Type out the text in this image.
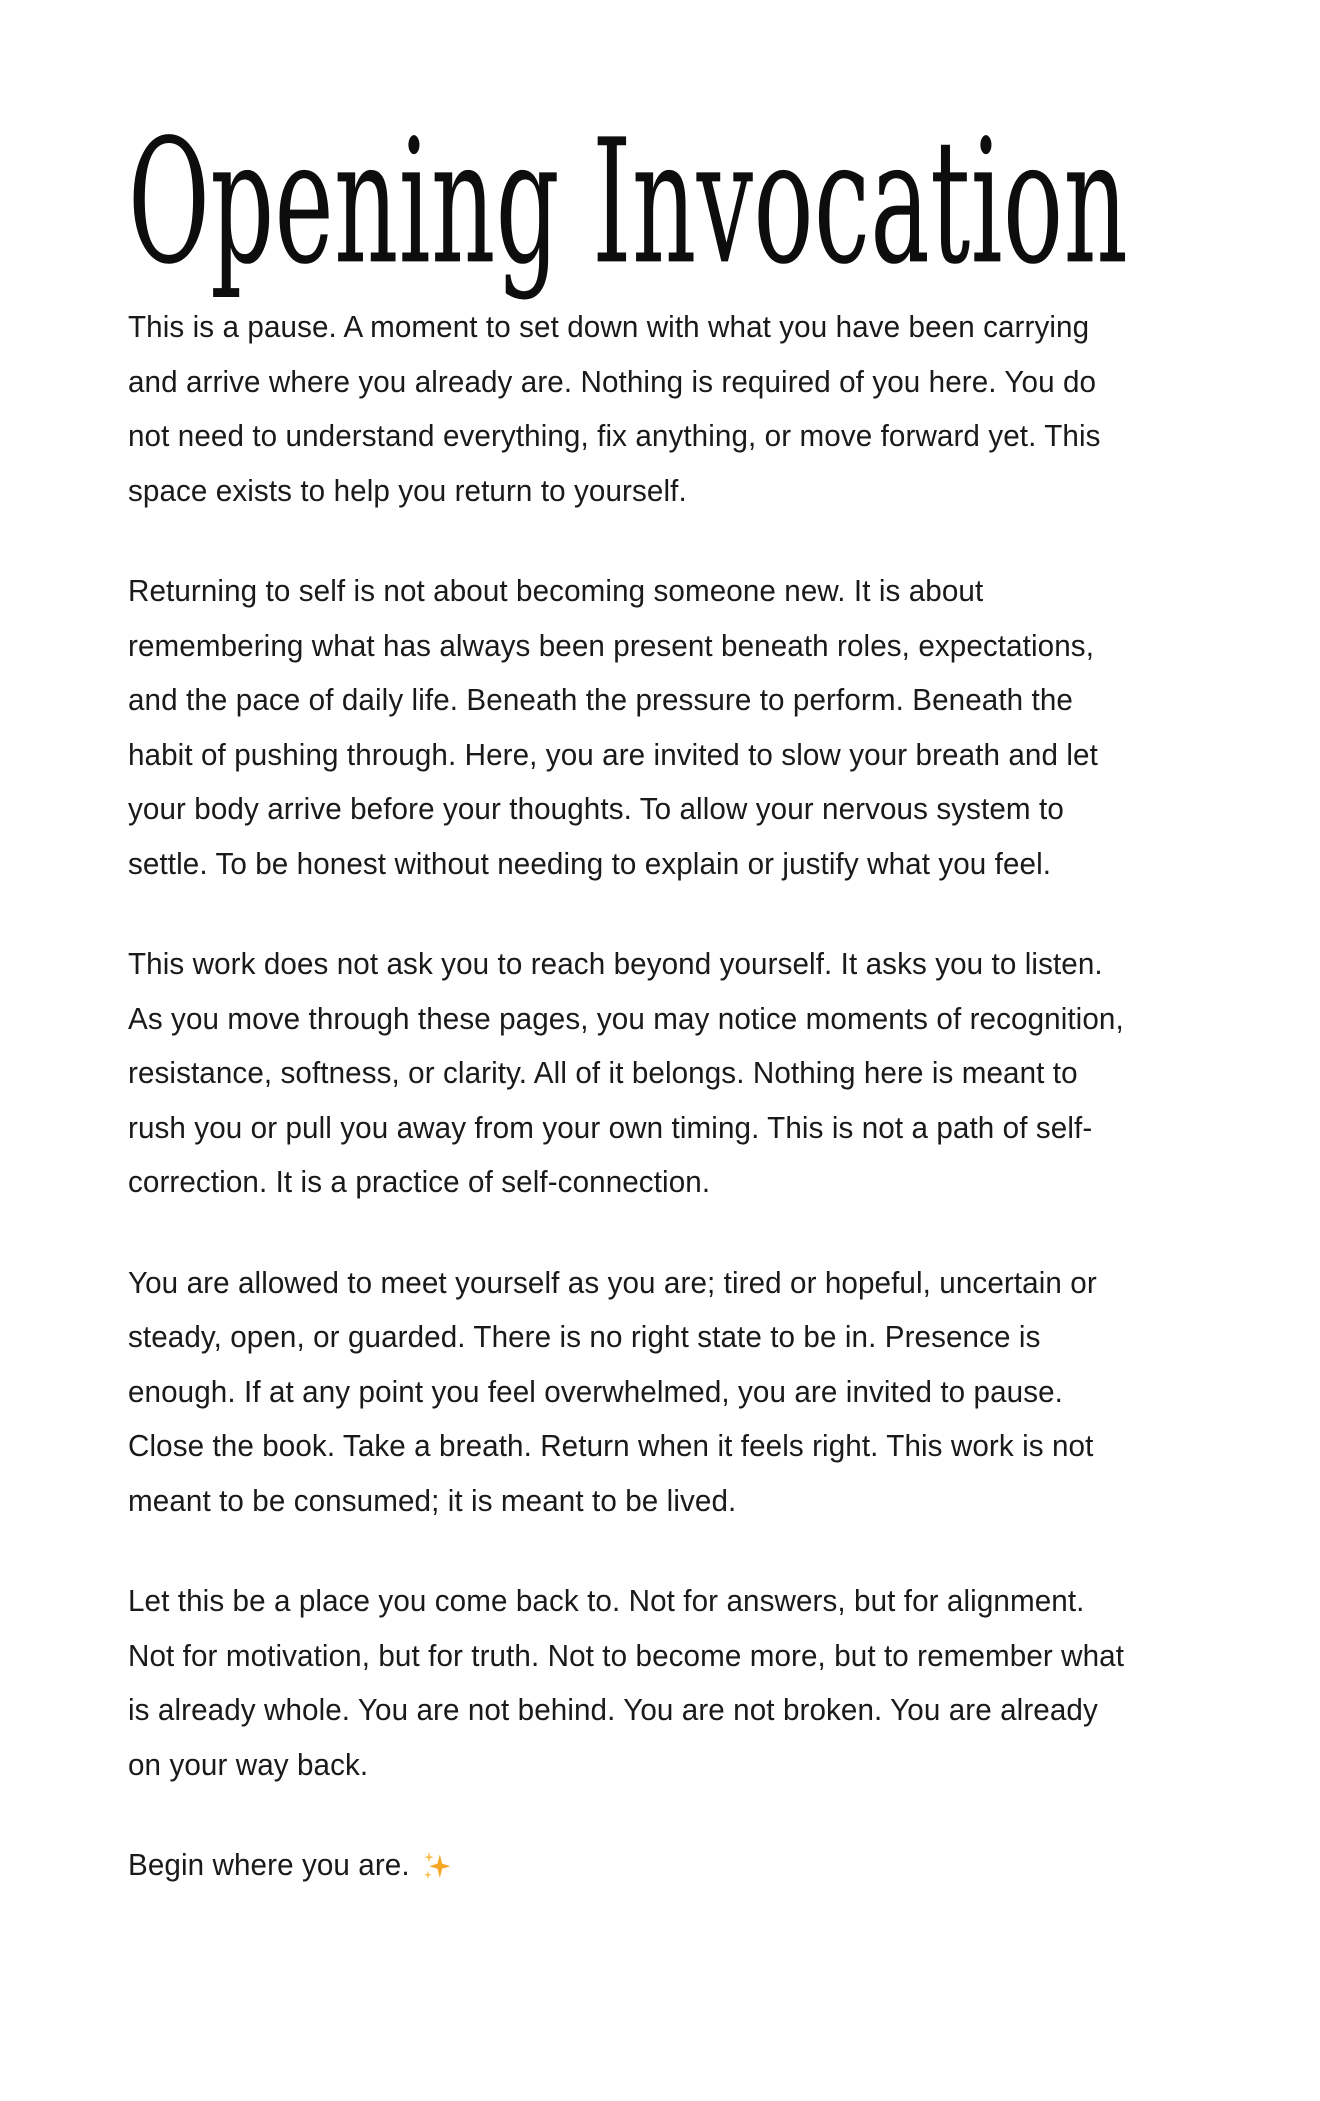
Opening Invocation

This is a pause. A moment to set down with what you have been carrying and arrive where you already are. Nothing is required of you here. You do not need to understand everything, fix anything, or move forward yet. This space exists to help you return to yourself.

Returning to self is not about becoming someone new. It is about remembering what has always been present beneath roles, expectations, and the pace of daily life. Beneath the pressure to perform. Beneath the habit of pushing through. Here, you are invited to slow your breath and let your body arrive before your thoughts. To allow your nervous system to settle. To be honest without needing to explain or justify what you feel.

This work does not ask you to reach beyond yourself. It asks you to listen. As you move through these pages, you may notice moments of recognition, resistance, softness, or clarity. All of it belongs. Nothing here is meant to rush you or pull you away from your own timing. This is not a path of self-correction. It is a practice of self-connection.

You are allowed to meet yourself as you are; tired or hopeful, uncertain or steady, open, or guarded. There is no right state to be in. Presence is enough. If at any point you feel overwhelmed, you are invited to pause. Close the book. Take a breath. Return when it feels right. This work is not meant to be consumed; it is meant to be lived.

Let this be a place you come back to. Not for answers, but for alignment. Not for motivation, but for truth. Not to become more, but to remember what is already whole. You are not behind. You are not broken. You are already on your way back.

Begin where you are.
